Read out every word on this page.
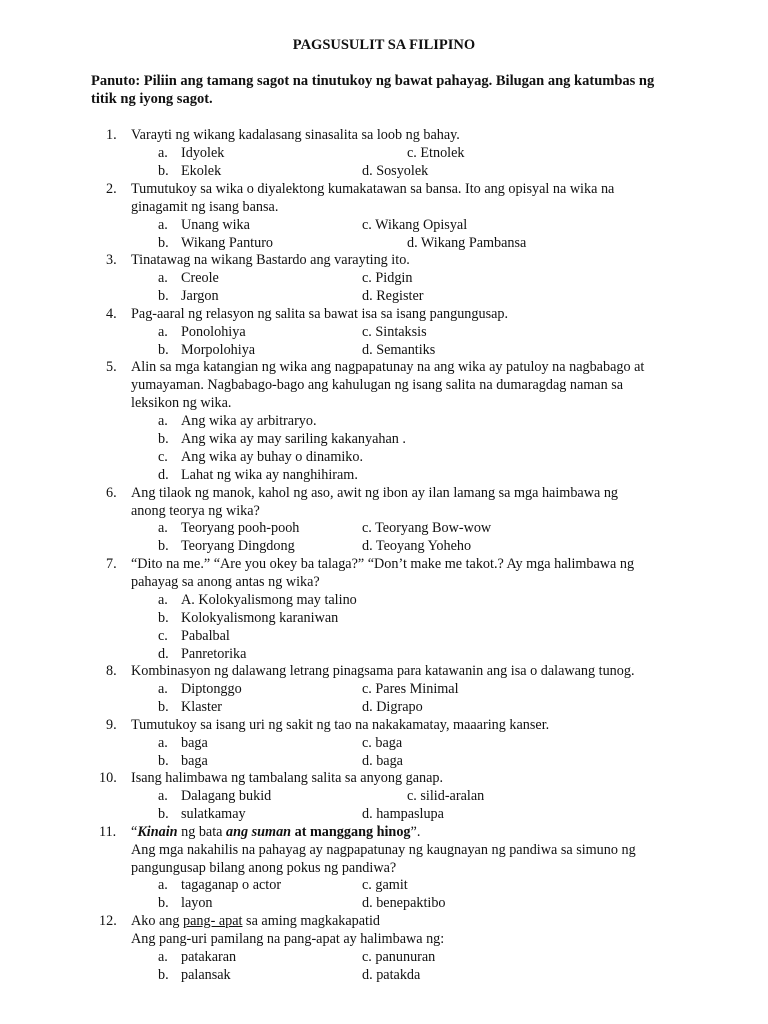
PAGSUSULIT SA FILIPINO
Panuto: Piliin ang tamang sagot na tinutukoy ng bawat pahayag. Bilugan ang katumbas ng
titik ng iyong sagot.
1. Varayti ng wikang kadalasang sinasalita sa loob ng bahay.
a. Idyolek	c. Etnolek
b. Ekolek	d. Sosyolek
2. Tumutukoy sa wika o diyalektong kumakatawan sa bansa. Ito ang opisyal na wika na
ginagamit ng isang bansa.
a. Unang wika	c. Wikang Opisyal
b. Wikang Panturo	d. Wikang Pambansa
3. Tinatawag na wikang Bastardo ang varayting ito.
a. Creole	c. Pidgin
b. Jargon	d. Register
4. Pag-aaral ng relasyon ng salita sa bawat isa sa isang pangungusap.
a. Ponolohiya	c. Sintaksis
b. Morpolohiya	d. Semantiks
5. Alin sa mga katangian ng wika ang nagpapatunay na ang wika ay patuloy na nagbabago at
yumayaman. Nagbabago-bago ang kahulugan ng isang salita na dumaragdag naman sa
leksikon ng wika.
a. Ang wika ay arbitraryo.
b. Ang wika ay may sariling kakanyahan .
c. Ang wika ay buhay o dinamiko.
d. Lahat ng wika ay nanghihiram.
6. Ang tilaok ng manok, kahol ng aso, awit ng ibon ay ilan lamang sa mga haimbawa ng
anong teorya ng wika?
a. Teoryang pooh-pooh	c. Teoryang Bow-wow
b. Teoryang Dingdong	d. Teoyang Yoheho
7. “Dito na me.” “Are you okey ba talaga?” “Don’t make me takot.? Ay mga halimbawa ng
pahayag sa anong antas ng wika?
a. A. Kolokyalismong may talino
b. Kolokyalismong karaniwan
c. Pabalbal
d. Panretorika
8. Kombinasyon ng dalawang letrang pinagsama para katawanin ang isa o dalawang tunog.
a. Diptonggo	c. Pares Minimal
b. Klaster	d. Digrapo
9. Tumutukoy sa isang uri ng sakit ng tao na nakakamatay, maaaring kanser.
a. baga	c. baga
b. baga	d. baga
10. Isang halimbawa ng tambalang salita sa anyong ganap.
a. Dalagang bukid	c. silid-aralan
b. sulatkamay	d. hampaslupa
11. “Kinain ng bata ang suman at manggang hinog”.
Ang mga nakahilis na pahayag ay nagpapatunay ng kaugnayan ng pandiwa sa simuno ng
pangungusap bilang anong pokus ng pandiwa?
a. tagaganap o actor	c. gamit
b. layon	d. benepaktibo
12. Ako ang pang- apat sa aming magkakapatid
Ang pang-uri pamilang na pang-apat ay halimbawa ng:
a. patakaran	c. panunuran
b. palansak	d. patakda
